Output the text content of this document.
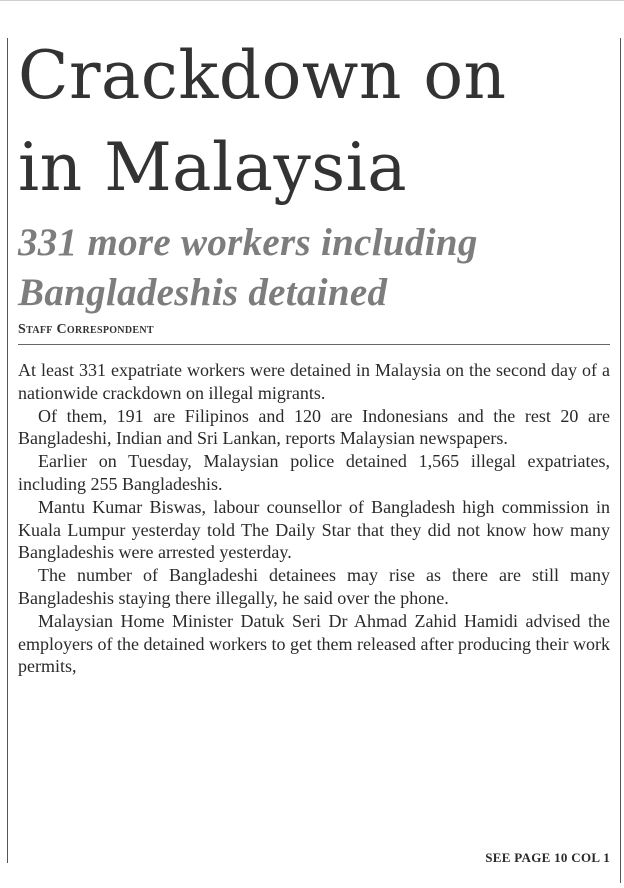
Crackdown on
in Malaysia
331 more workers including
Bangladeshis detained
Staff Correspondent

At least 331 expatriate workers were detained in Malaysia on the second day of a nationwide crackdown on illegal migrants.

Of them, 191 are Filipinos and 120 are Indonesians and the rest 20 are Bangladeshi, Indian and Sri Lankan, reports Malaysian newspapers.

Earlier on Tuesday, Malaysian police detained 1,565 illegal expatriates, including 255 Bangladeshis.

Mantu Kumar Biswas, labour counsellor of Bangladesh high commission in Kuala Lumpur yesterday told The Daily Star that they did not know how many Bangladeshis were arrested yesterday.

The number of Bangladeshi detainees may rise as there are still many Bangladeshis staying there illegally, he said over the phone.

Malaysian Home Minister Datuk Seri Dr Ahmad Zahid Hamidi advised the employers of the detained workers to get them released after producing their work permits,

SEE PAGE 10 COL 1
